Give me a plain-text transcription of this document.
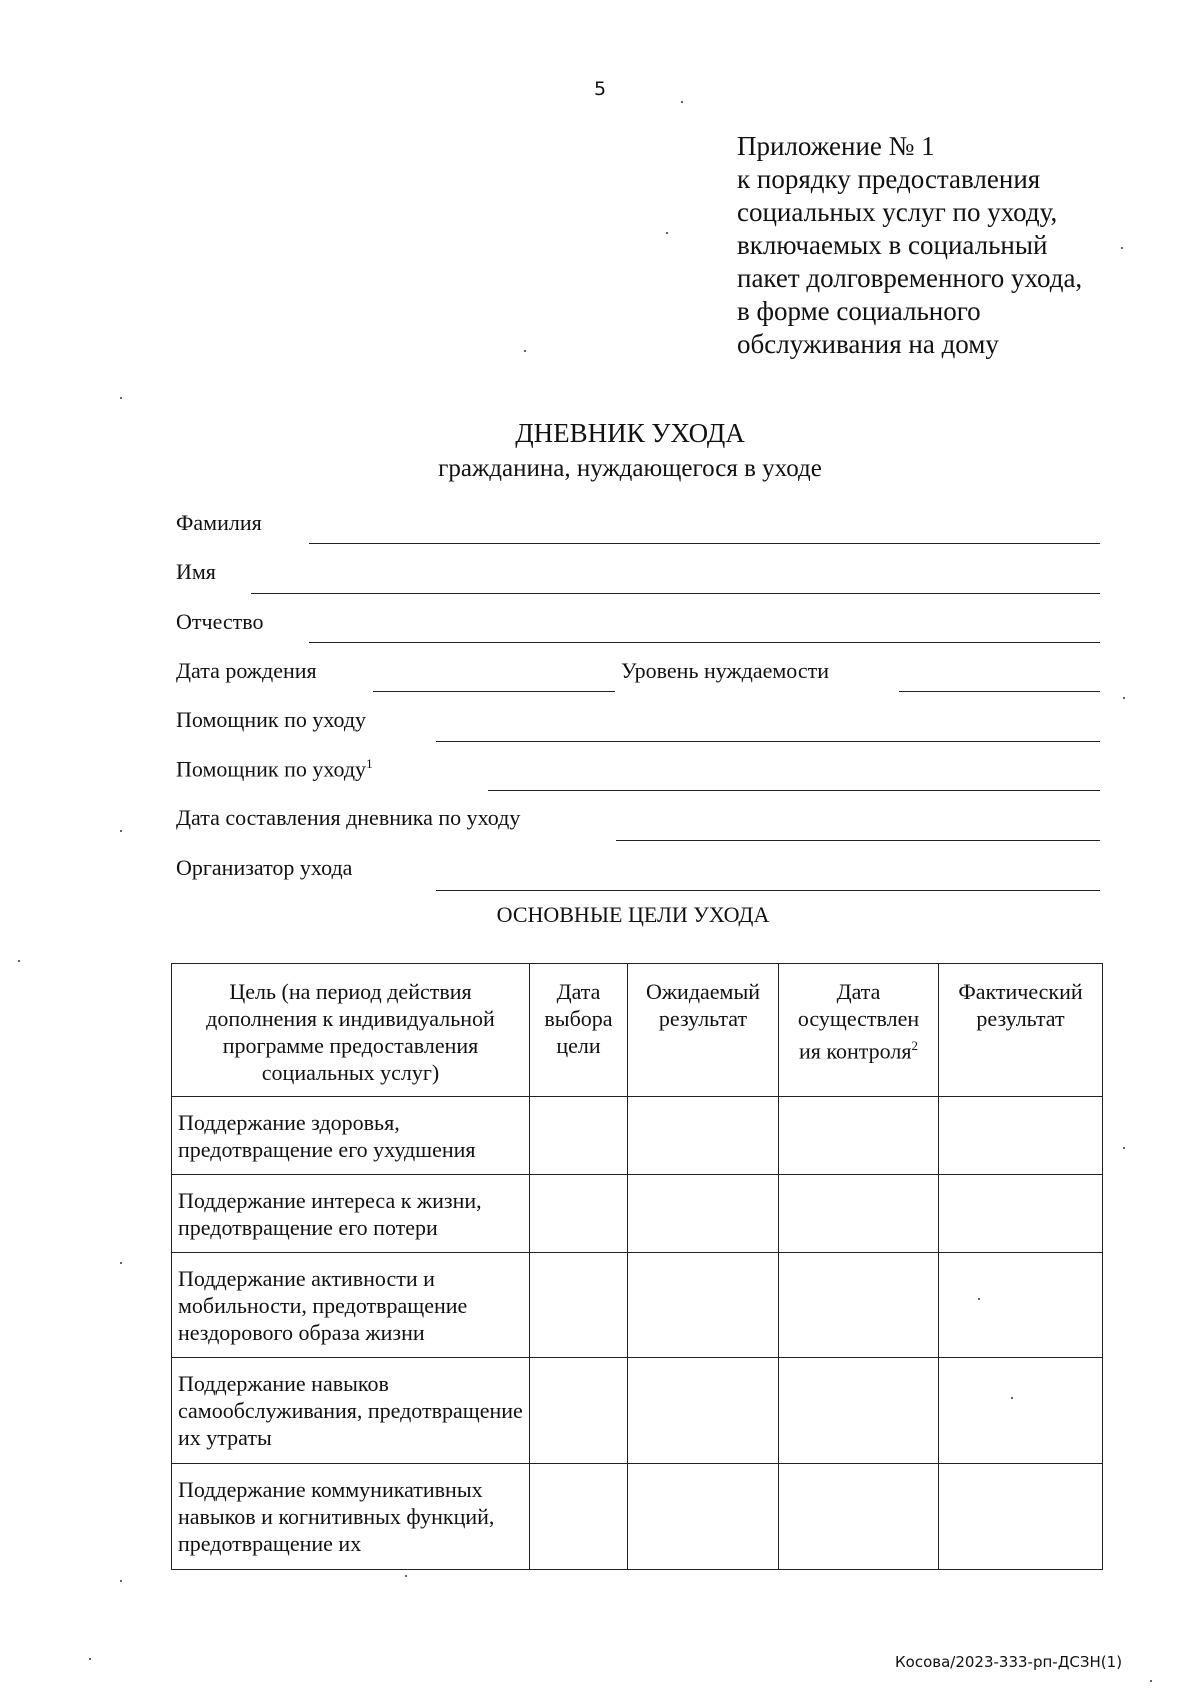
5
Приложение № 1
к порядку предоставления
социальных услуг по уходу,
включаемых в социальный
пакет долговременного ухода,
в форме социального
обслуживания на дому
ДНЕВНИК УХОДА
гражданина, нуждающегося в уходе
Фамилия
Имя
Отчество
Дата рождения	Уровень нуждаемости
Помощник по уходу
Помощник по уходу$^1$
Дата составления дневника по уходу
Организатор ухода
ОСНОВНЫЕ ЦЕЛИ УХОДА
Цель (на период действия дополнения к индивидуальной программе предоставления социальных услуг)	Дата выбора цели	Ожидаемый результат	Дата осуществлен ия контроля$^2$	Фактический результат
Поддержание здоровья, предотвращение его ухудшения				
Поддержание интереса к жизни, предотвращение его потери				
Поддержание активности и мобильности, предотвращение нездорового образа жизни				
Поддержание навыков самообслуживания, предотвращение их утраты				
Поддержание коммуникативных навыков и когнитивных функций, предотвращение их				
Косова/2023-333-рп-ДСЗН(1)
